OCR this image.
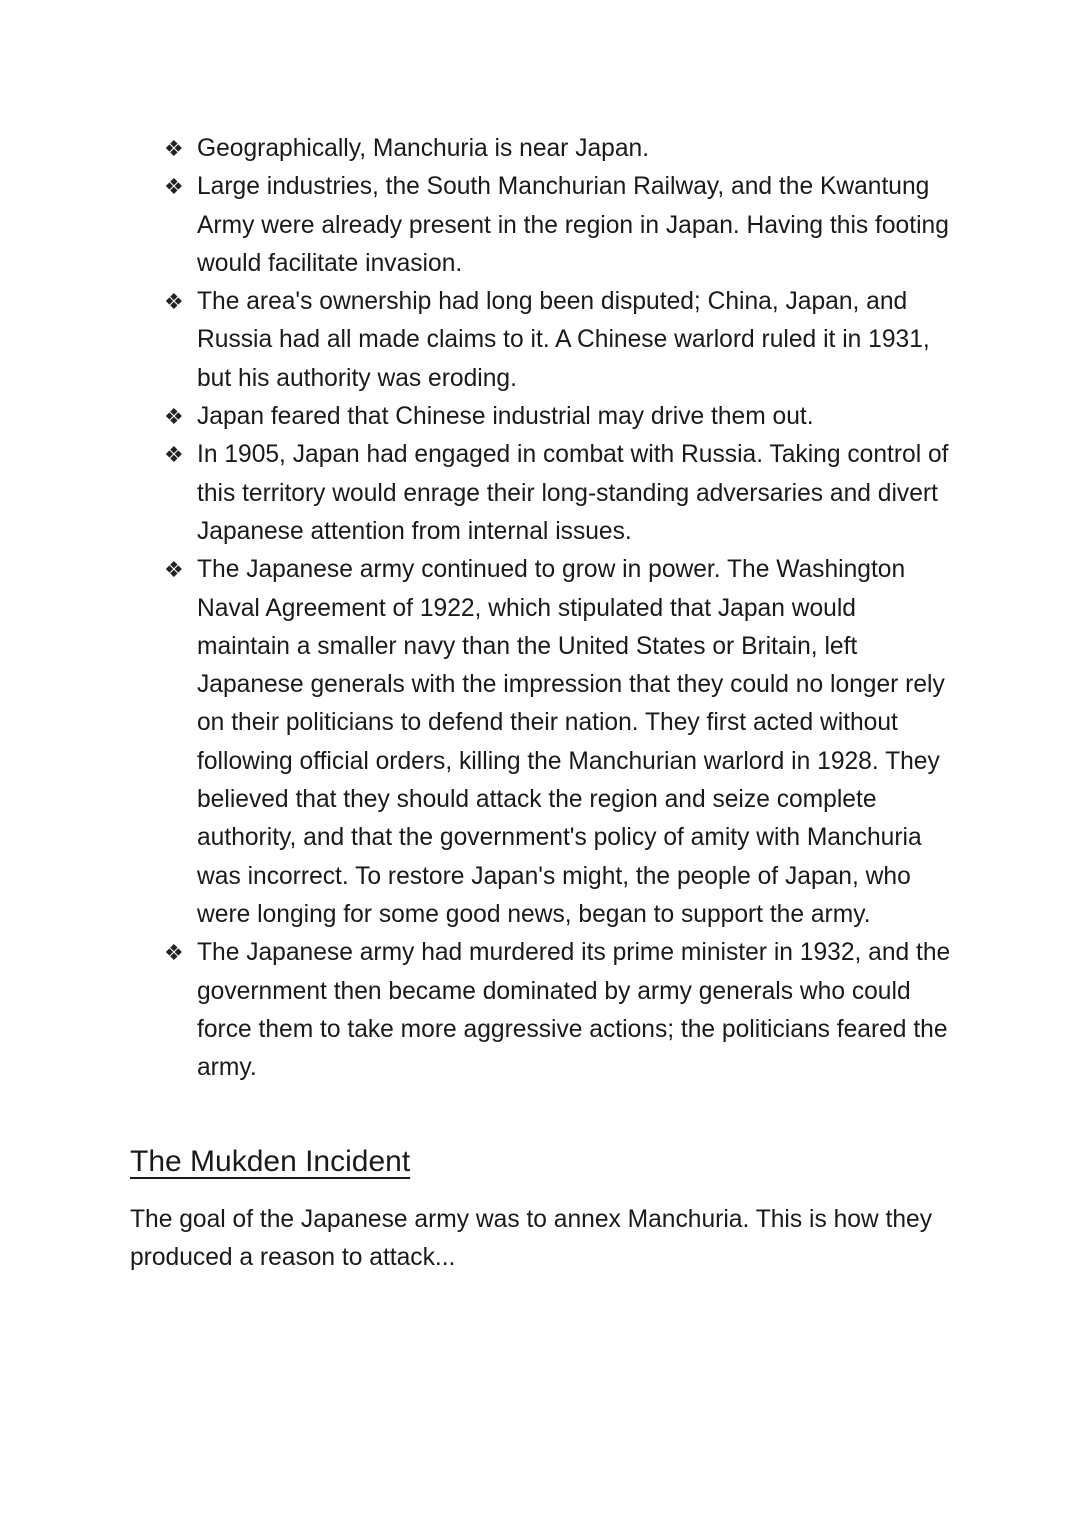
❖ Geographically, Manchuria is near Japan.
❖ Large industries, the South Manchurian Railway, and the Kwantung Army were already present in the region in Japan. Having this footing would facilitate invasion.
❖ The area's ownership had long been disputed; China, Japan, and Russia had all made claims to it. A Chinese warlord ruled it in 1931, but his authority was eroding.
❖ Japan feared that Chinese industrial may drive them out.
❖ In 1905, Japan had engaged in combat with Russia. Taking control of this territory would enrage their long-standing adversaries and divert Japanese attention from internal issues.
❖ The Japanese army continued to grow in power. The Washington Naval Agreement of 1922, which stipulated that Japan would maintain a smaller navy than the United States or Britain, left Japanese generals with the impression that they could no longer rely on their politicians to defend their nation. They first acted without following official orders, killing the Manchurian warlord in 1928. They believed that they should attack the region and seize complete authority, and that the government's policy of amity with Manchuria was incorrect. To restore Japan's might, the people of Japan, who were longing for some good news, began to support the army.
❖ The Japanese army had murdered its prime minister in 1932, and the government then became dominated by army generals who could force them to take more aggressive actions; the politicians feared the army.
The Mukden Incident

The goal of the Japanese army was to annex Manchuria. This is how they produced a reason to attack...
